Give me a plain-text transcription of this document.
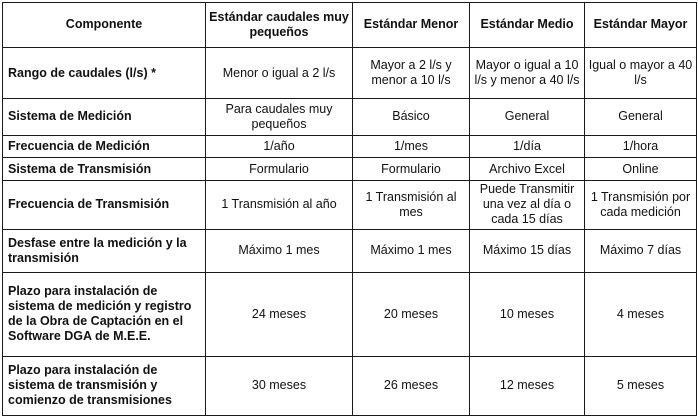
Componente	Estándar caudales muy pequeños	Estándar Menor	Estándar Medio	Estándar Mayor
Rango de caudales (l/s) *	Menor o igual a 2 l/s	Mayor a 2 l/s y menor a 10 l/s	Mayor o igual a 10 l/s y menor a 40 l/s	Igual o mayor a 40 l/s
Sistema de Medición	Para caudales muy pequeños	Básico	General	General
Frecuencia de Medición	1/año	1/mes	1/día	1/hora
Sistema de Transmisión	Formulario	Formulario	Archivo Excel	Online
Frecuencia de Transmisión	1 Transmisión al año	1 Transmisión al mes	Puede Transmitir una vez al día o cada 15 días	1 Transmisión por cada medición
Desfase entre la medición y la transmisión	Máximo 1 mes	Máximo 1 mes	Máximo 15 días	Máximo 7 días
Plazo para instalación de sistema de medición y registro de la Obra de Captación en el Software DGA de M.E.E.	24 meses	20 meses	10 meses	4 meses
Plazo para instalación de sistema de transmisión y comienzo de transmisiones	30 meses	26 meses	12 meses	5 meses
